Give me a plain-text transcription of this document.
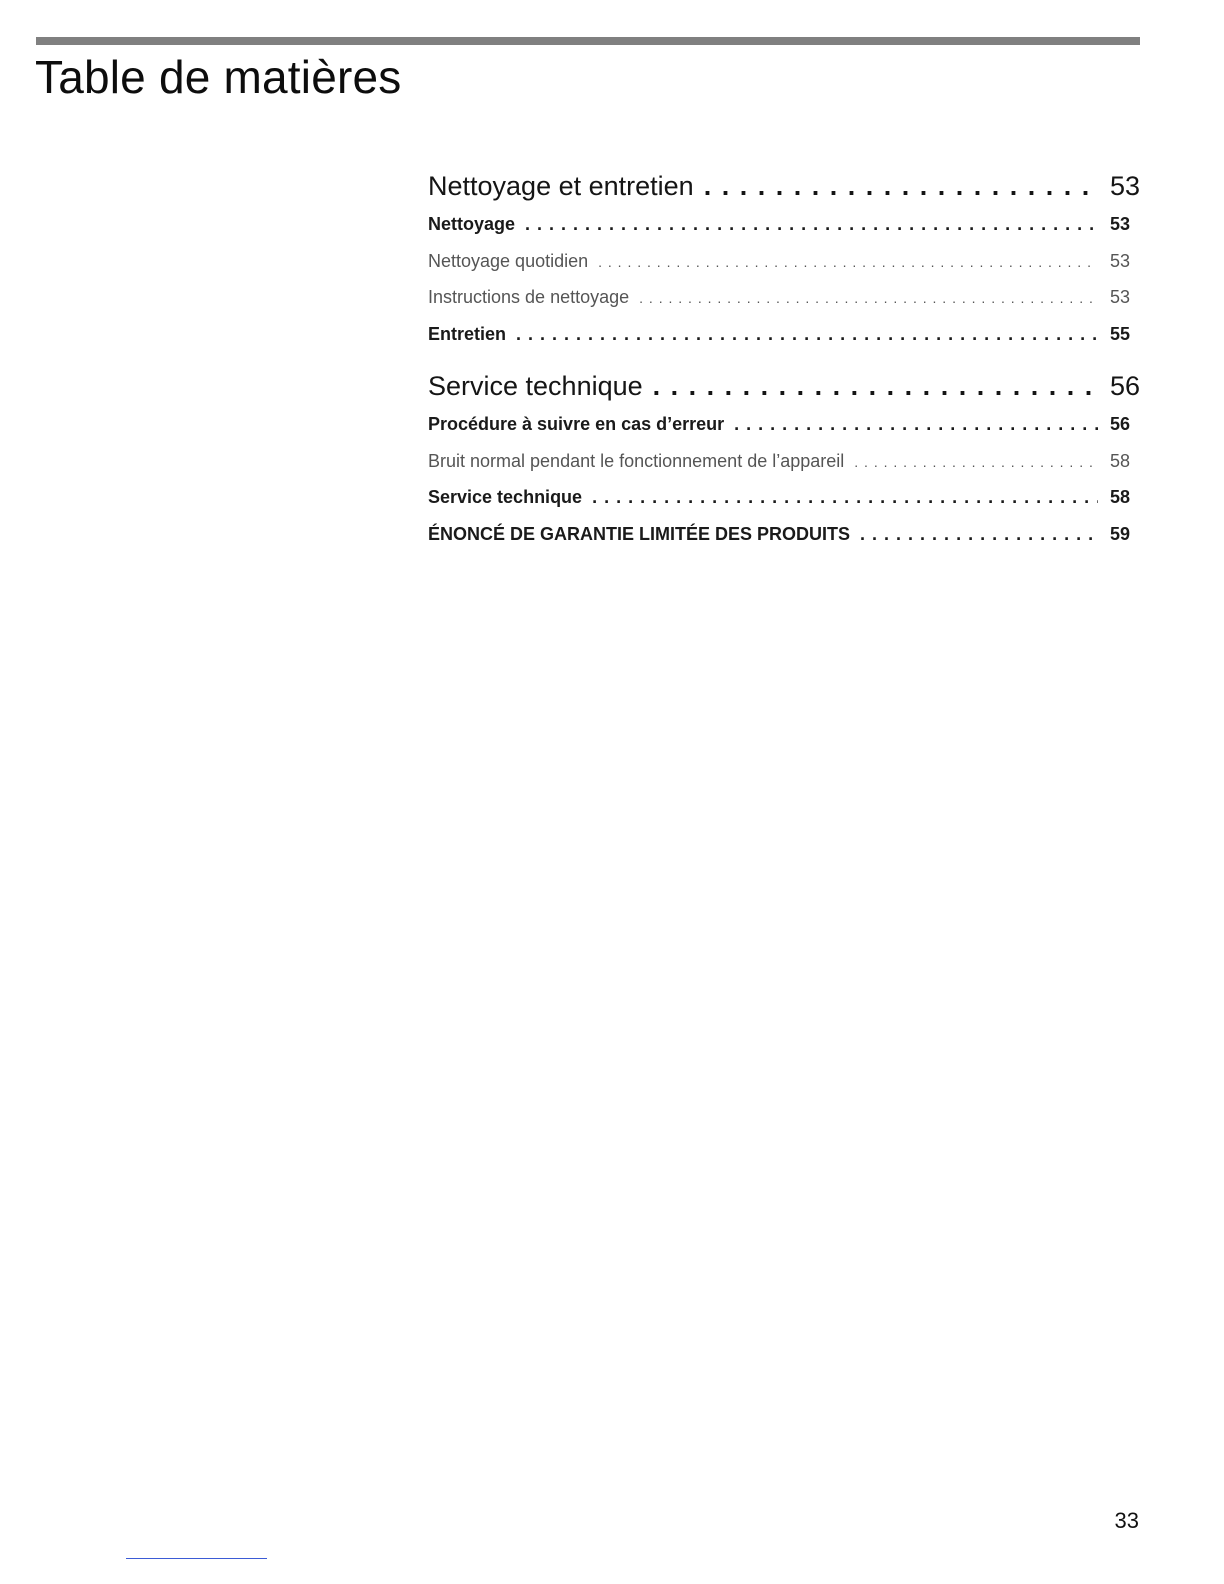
Table de matières
Nettoyage et entretien . . .	53
Nettoyage . . .	53
Nettoyage quotidien . . .	53
Instructions de nettoyage . . .	53
Entretien . . .	55
Service technique . . .	56
Procédure à suivre en cas d’erreur . . .	56
Bruit normal pendant le fonctionnement de l’appareil . . .	58
Service technique . . .	58
ÉNONCÉ DE GARANTIE LIMITÉE DES PRODUITS . . .	59
33
